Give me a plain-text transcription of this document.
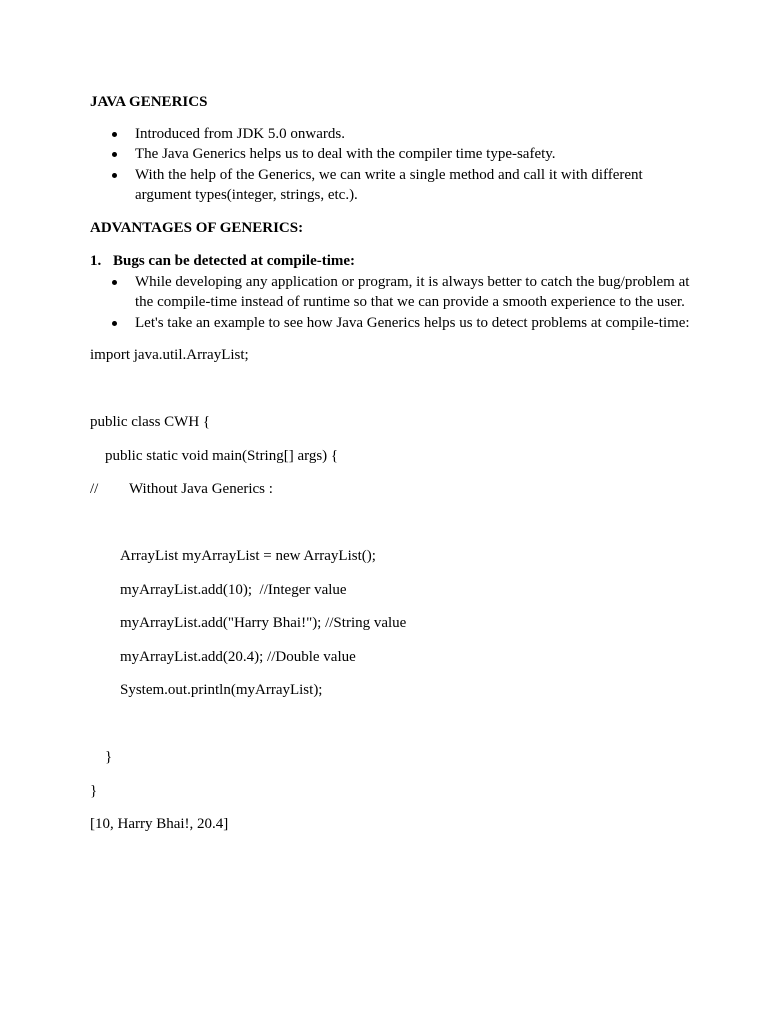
JAVA GENERICS
Introduced from JDK 5.0 onwards.
The Java Generics helps us to deal with the compiler time type-safety.
With the help of the Generics, we can write a single method and call it with different argument types(integer, strings, etc.).
ADVANTAGES OF GENERICS:
1. Bugs can be detected at compile-time:
While developing any application or program, it is always better to catch the bug/problem at the compile-time instead of runtime so that we can provide a smooth experience to the user.
Let's take an example to see how Java Generics helps us to detect problems at compile-time:
import java.util.ArrayList;
public class CWH {
public static void main(String[] args) {
//	Without Java Generics :
ArrayList myArrayList = new ArrayList();
myArrayList.add(10);  //Integer value
myArrayList.add("Harry Bhai!"); //String value
myArrayList.add(20.4); //Double value
System.out.println(myArrayList);
}
}
[10, Harry Bhai!, 20.4]
